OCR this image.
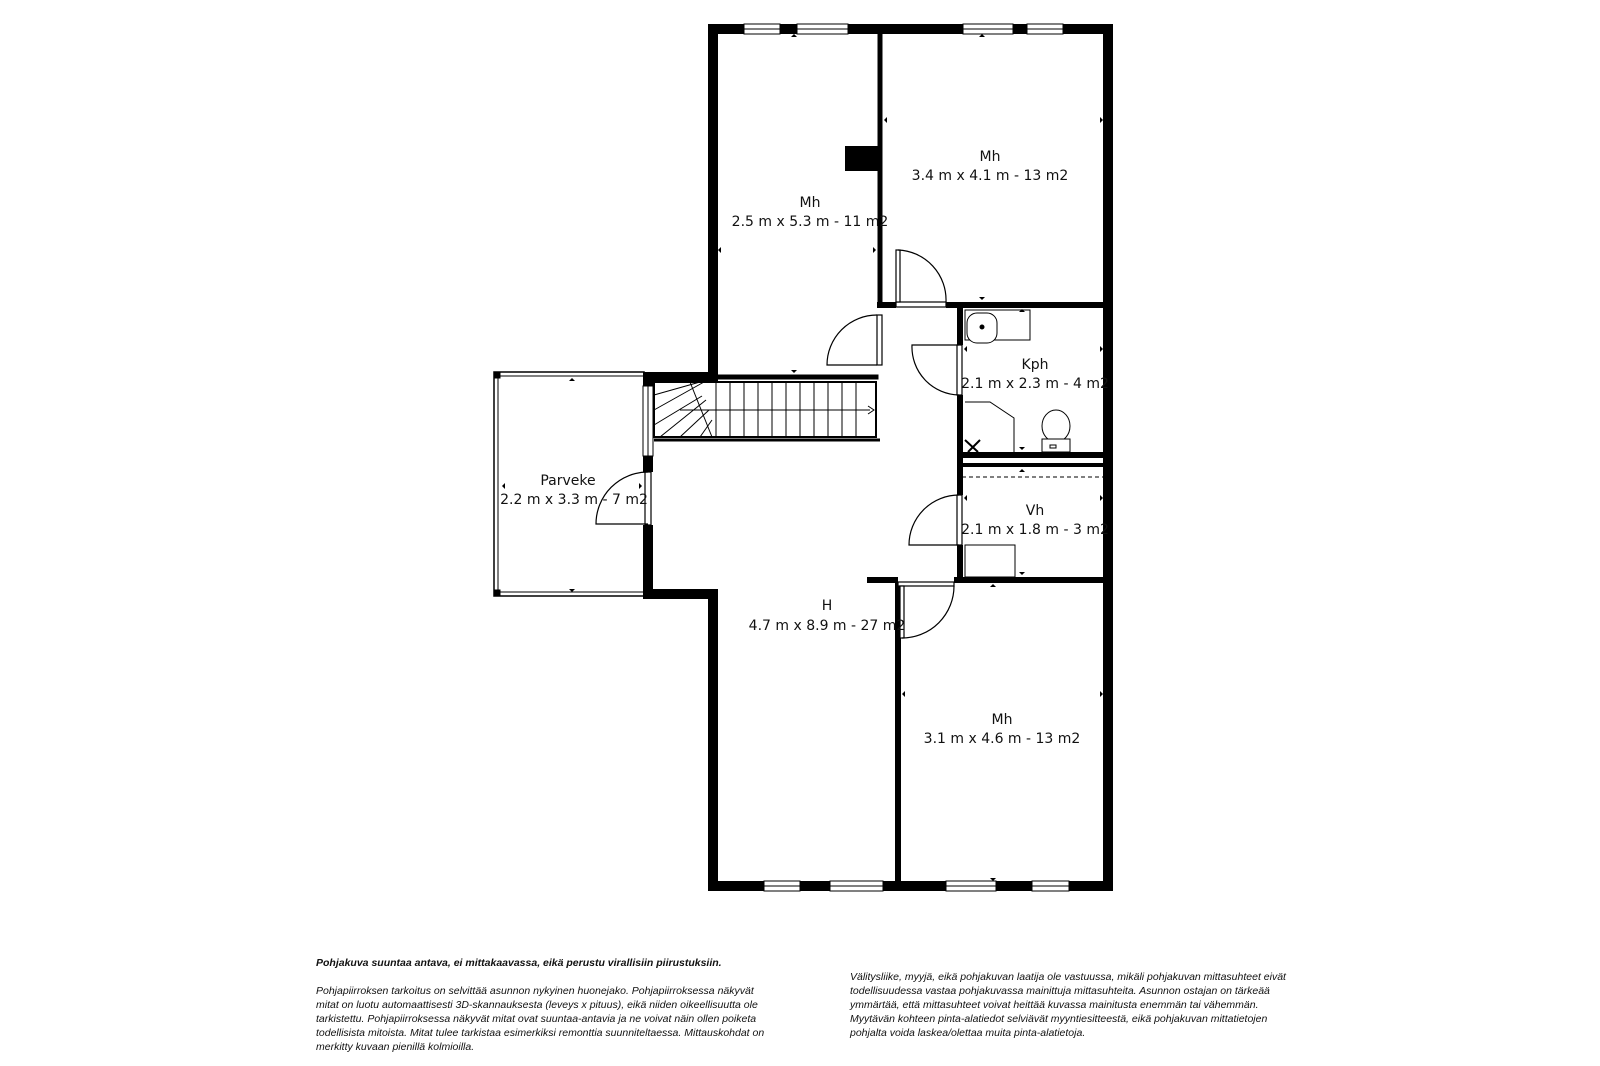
Mh
2.5 m x 5.3 m - 11 m2
Mh
3.4 m x 4.1 m - 13 m2
Kph
2.1 m x 2.3 m - 4 m2
Vh
2.1 m x 1.8 m - 3 m2
Parveke
2.2 m x 3.3 m - 7 m2
H
4.7 m x 8.9 m - 27 m2
Mh
3.1 m x 4.6 m - 13 m2

Pohjakuva suuntaa antava, ei mittakaavassa, eikä perustu virallisiin piirustuksiin.

Pohjapiirroksen tarkoitus on selvittää asunnon nykyinen huonejako. Pohjapiirroksessa näkyvät mitat on luotu automaattisesti 3D-skannauksesta (leveys x pituus), eikä niiden oikeellisuutta ole tarkistettu. Pohjapiirroksessa näkyvät mitat ovat suuntaa-antavia ja ne voivat näin ollen poiketa todellisista mitoista. Mitat tulee tarkistaa esimerkiksi remonttia suunniteltaessa. Mittauskohdat on merkitty kuvaan pienillä kolmioilla.

Välitysliike, myyjä, eikä pohjakuvan laatija ole vastuussa, mikäli pohjakuvan mittasuhteet eivät todellisuudessa vastaa pohjakuvassa mainittuja mittasuhteita. Asunnon ostajan on tärkeää ymmärtää, että mittasuhteet voivat heittää kuvassa mainitusta enemmän tai vähemmän. Myytävän kohteen pinta-alatiedot selviävät myyntiesitteestä, eikä pohjakuvan mittatietojen pohjalta voida laskea/olettaa muita pinta-alatietoja.
